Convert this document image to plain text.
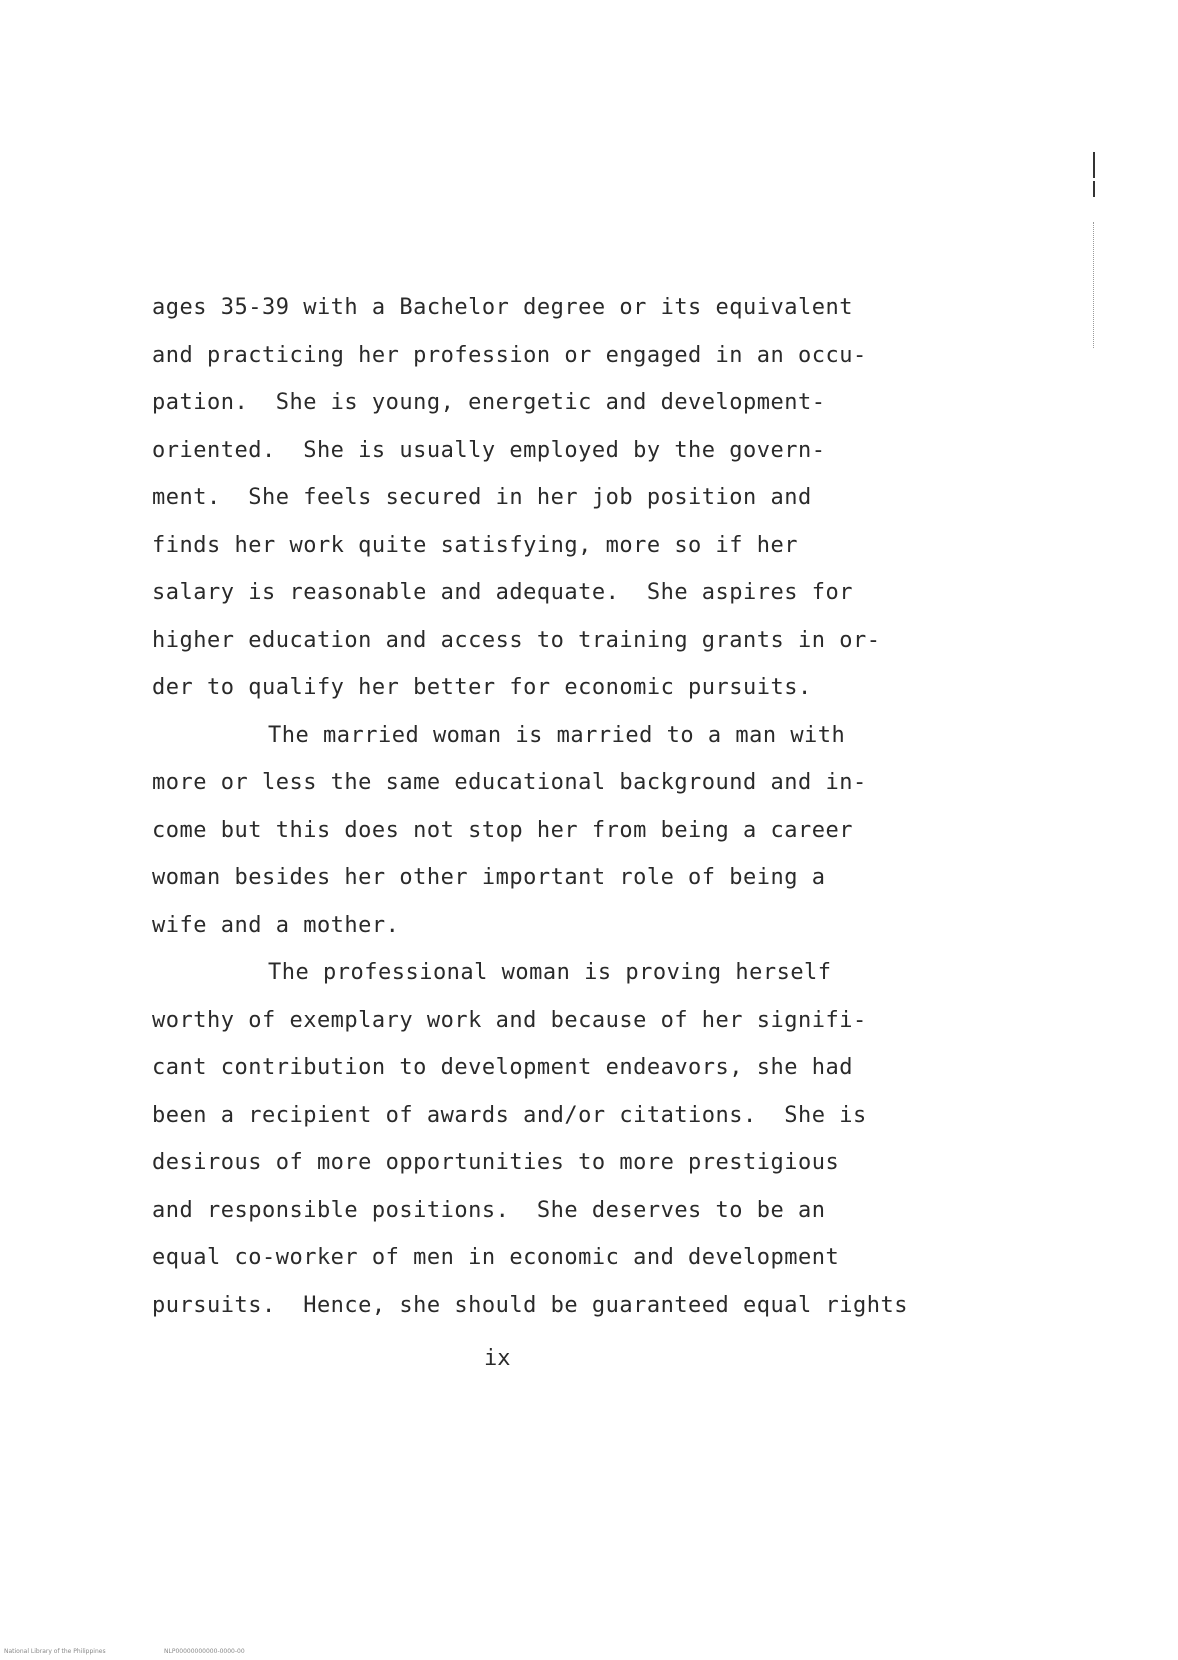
ages 35-39 with a Bachelor degree or its equivalent
and practicing her profession or engaged in an occu-
pation.  She is young, energetic and development-
oriented.  She is usually employed by the govern-
ment.  She feels secured in her job position and
finds her work quite satisfying, more so if her
salary is reasonable and adequate.  She aspires for
higher education and access to training grants in or-
der to qualify her better for economic pursuits.
The married woman is married to a man with
more or less the same educational background and in-
come but this does not stop her from being a career
woman besides her other important role of being a
wife and a mother.
The professional woman is proving herself
worthy of exemplary work and because of her signifi-
cant contribution to development endeavors, she had
been a recipient of awards and/or citations.  She is
desirous of more opportunities to more prestigious
and responsible positions.  She deserves to be an
equal co-worker of men in economic and development
pursuits.  Hence, she should be guaranteed equal rights
ix
National Library of the Philippines	NLP00000000000-0000-00
